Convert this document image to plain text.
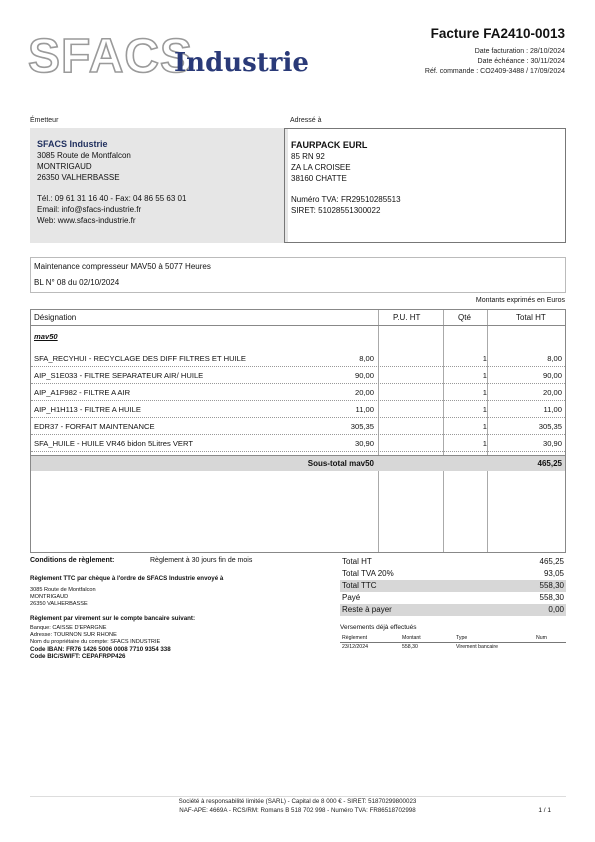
SFACS
Industrie
Facture FA2410-0013
Date facturation : 28/10/2024
Date échéance : 30/11/2024
Réf. commande : CO2409-3488 / 17/09/2024
Émetteur	Adressé à
SFACS Industrie
3085 Route de Montfalcon
MONTRIGAUD
26350 VALHERBASSE
Tél.: 09 61 31 16 40 - Fax: 04 86 55 63 01
Email: info@sfacs-industrie.fr
Web: www.sfacs-industrie.fr
FAURPACK EURL
85 RN 92
ZA LA CROISEE
38160 CHATTE
Numéro TVA: FR29510285513
SIRET: 51028551300022
Maintenance compresseur MAV50 à 5077 Heures
BL N° 08 du 02/10/2024
Montants exprimés en Euros
Désignation	P.U. HT	Qté	Total HT
mav50
SFA_RECYHUI - RECYCLAGE DES DIFF FILTRES ET HUILE	8,00	1	8,00
AIP_S1E033 - FILTRE SEPARATEUR AIR/ HUILE	90,00	1	90,00
AIP_A1F982 - FILTRE A AIR	20,00	1	20,00
AIP_H1H113 - FILTRE A HUILE	11,00	1	11,00
EDR37 - FORFAIT MAINTENANCE	305,35	1	305,35
SFA_HUILE - HUILE VR46 bidon 5Litres VERT	30,90	1	30,90
Sous-total mav50	465,25
Conditions de règlement:	Règlement à 30 jours fin de mois
Règlement TTC par chèque à l'ordre de SFACS Industrie envoyé à
3085 Route de Montfalcon
MONTRIGAUD
26350 VALHERBASSE
Règlement par virement sur le compte bancaire suivant:
Banque: CAISSE D'EPARGNE
Adresse: TOURNON SUR RHONE
Nom du propriétaire du compte: SFACS INDUSTRIE
Code IBAN: FR76 1426 5006 0008 7710 9354 338
Code BIC/SWIFT: CEPAFRPP426
Total HT	465,25
Total TVA 20%	93,05
Total TTC	558,30
Payé	558,30
Reste à payer	0,00
Versements déjà effectués
Règlement	Montant	Type	Num
23/12/2024	558,30	Virement bancaire
Société à responsabilité limitée (SARL) - Capital de 8 000 € - SIRET: 51870299800023
NAF-APE: 4669A - RCS/RM: Romans B 518 702 998 - Numéro TVA: FR86518702998	1 / 1
